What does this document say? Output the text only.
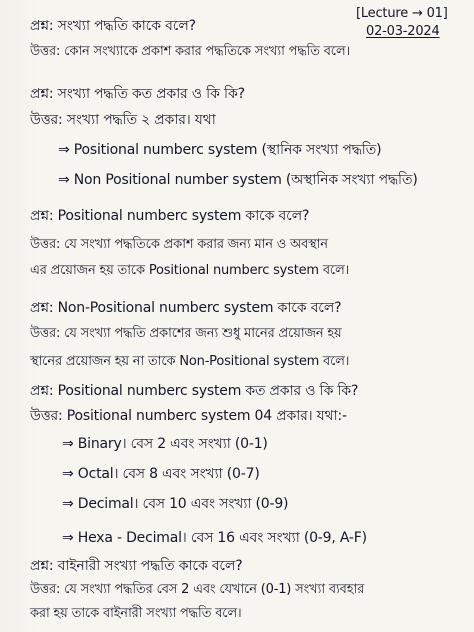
[Lecture → 01]
02-03-2024
প্রশ্ন: সংখ্যা পদ্ধতি কাকে বলে?
উত্তর: কোন সংখ্যাকে প্রকাশ করার পদ্ধতিকে সংখ্যা পদ্ধতি বলে।
প্রশ্ন: সংখ্যা পদ্ধতি কত প্রকার ও কি কি?
উত্তর: সংখ্যা পদ্ধতি ২ প্রকার। যথা
⇒ Positional numberc system (স্থানিক সংখ্যা পদ্ধতি)
⇒ Non Positional number system (অস্থানিক সংখ্যা পদ্ধতি)
প্রশ্ন: Positional numberc system কাকে বলে?
উত্তর: যে সংখ্যা পদ্ধতিকে প্রকাশ করার জন্য মান ও অবস্থান
এর প্রয়োজন হয় তাকে Positional numberc system বলে।
প্রশ্ন: Non-Positional numberc system কাকে বলে?
উত্তর: যে সংখ্যা পদ্ধতি প্রকাশের জন্য শুধু মানের প্রয়োজন হয়
স্থানের প্রয়োজন হয় না তাকে Non-Positional system বলে।
প্রশ্ন: Positional numberc system কত প্রকার ও কি কি?
উত্তর: Positional numberc system 04 প্রকার। যথা:-
⇒ Binary। বেস 2 এবং সংখ্যা (0-1)
⇒ Octal। বেস 8 এবং সংখ্যা (0-7)
⇒ Decimal। বেস 10 এবং সংখ্যা (0-9)
⇒ Hexa - Decimal। বেস 16 এবং সংখ্যা (0-9, A-F)
প্রশ্ন: বাইনারী সংখ্যা পদ্ধতি কাকে বলে?
উত্তর: যে সংখ্যা পদ্ধতির বেস 2 এবং যেখানে (0-1) সংখ্যা ব্যবহার
করা হয় তাকে বাইনারী সংখ্যা পদ্ধতি বলে।
